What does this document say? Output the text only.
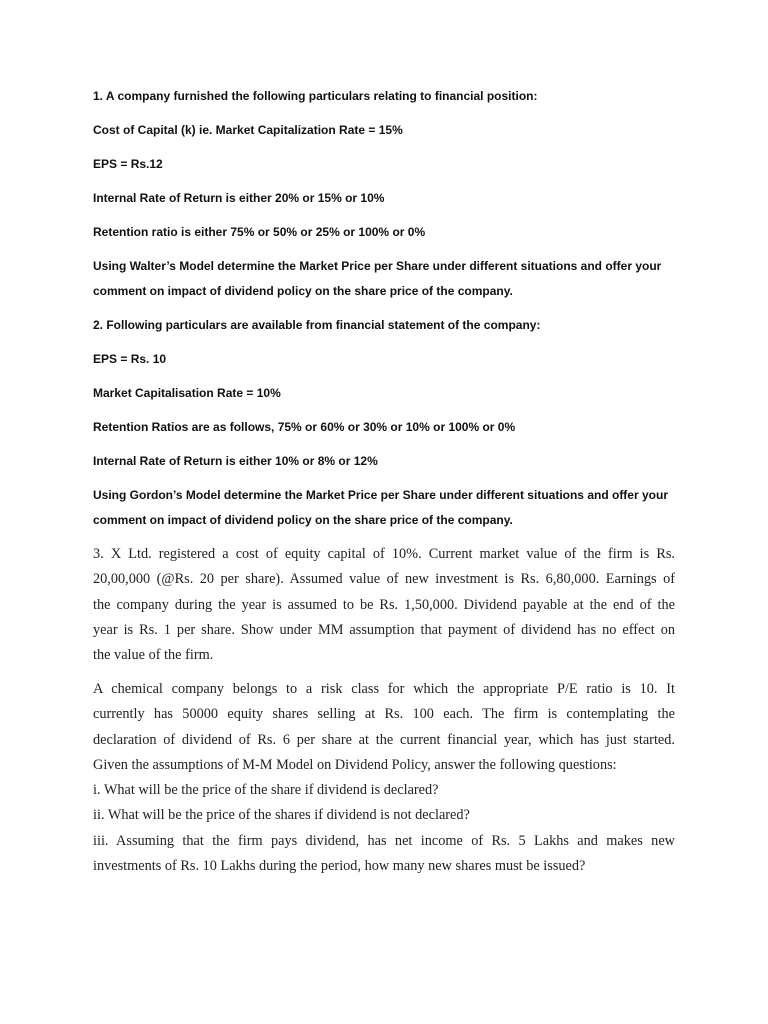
1. A company furnished the following particulars relating to financial position:

Cost of Capital (k) ie. Market Capitalization Rate = 15%

EPS = Rs.12

Internal Rate of Return is either 20% or 15% or 10%

Retention ratio is either 75% or 50% or 25% or 100% or 0%

Using Walter’s Model determine the Market Price per Share under different situations and offer your

comment on impact of dividend policy on the share price of the company.

2. Following particulars are available from financial statement of the company:

EPS = Rs. 10

Market Capitalisation Rate = 10%

Retention Ratios are as follows, 75% or 60% or 30% or 10% or 100% or 0%

Internal Rate of Return is either 10% or 8% or 12%

Using Gordon’s Model determine the Market Price per Share under different situations and offer your

comment on impact of dividend policy on the share price of the company.

3. X Ltd. registered a cost of equity capital of 10%. Current market value of the firm is Rs.
20,00,000 (@Rs. 20 per share). Assumed value of new investment is Rs. 6,80,000. Earnings of
the company during the year is assumed to be Rs. 1,50,000. Dividend payable at the end of the
year is Rs. 1 per share. Show under MM assumption that payment of dividend has no effect on
the value of the firm.
A chemical company belongs to a risk class for which the appropriate P/E ratio is 10. It
currently has 50000 equity shares selling at Rs. 100 each. The firm is contemplating the
declaration of dividend of Rs. 6 per share at the current financial year, which has just started.
Given the assumptions of M-M Model on Dividend Policy, answer the following questions:
i. What will be the price of the share if dividend is declared?
ii. What will be the price of the shares if dividend is not declared?
iii. Assuming that the firm pays dividend, has net income of Rs. 5 Lakhs and makes new
investments of Rs. 10 Lakhs during the period, how many new shares must be issued?
